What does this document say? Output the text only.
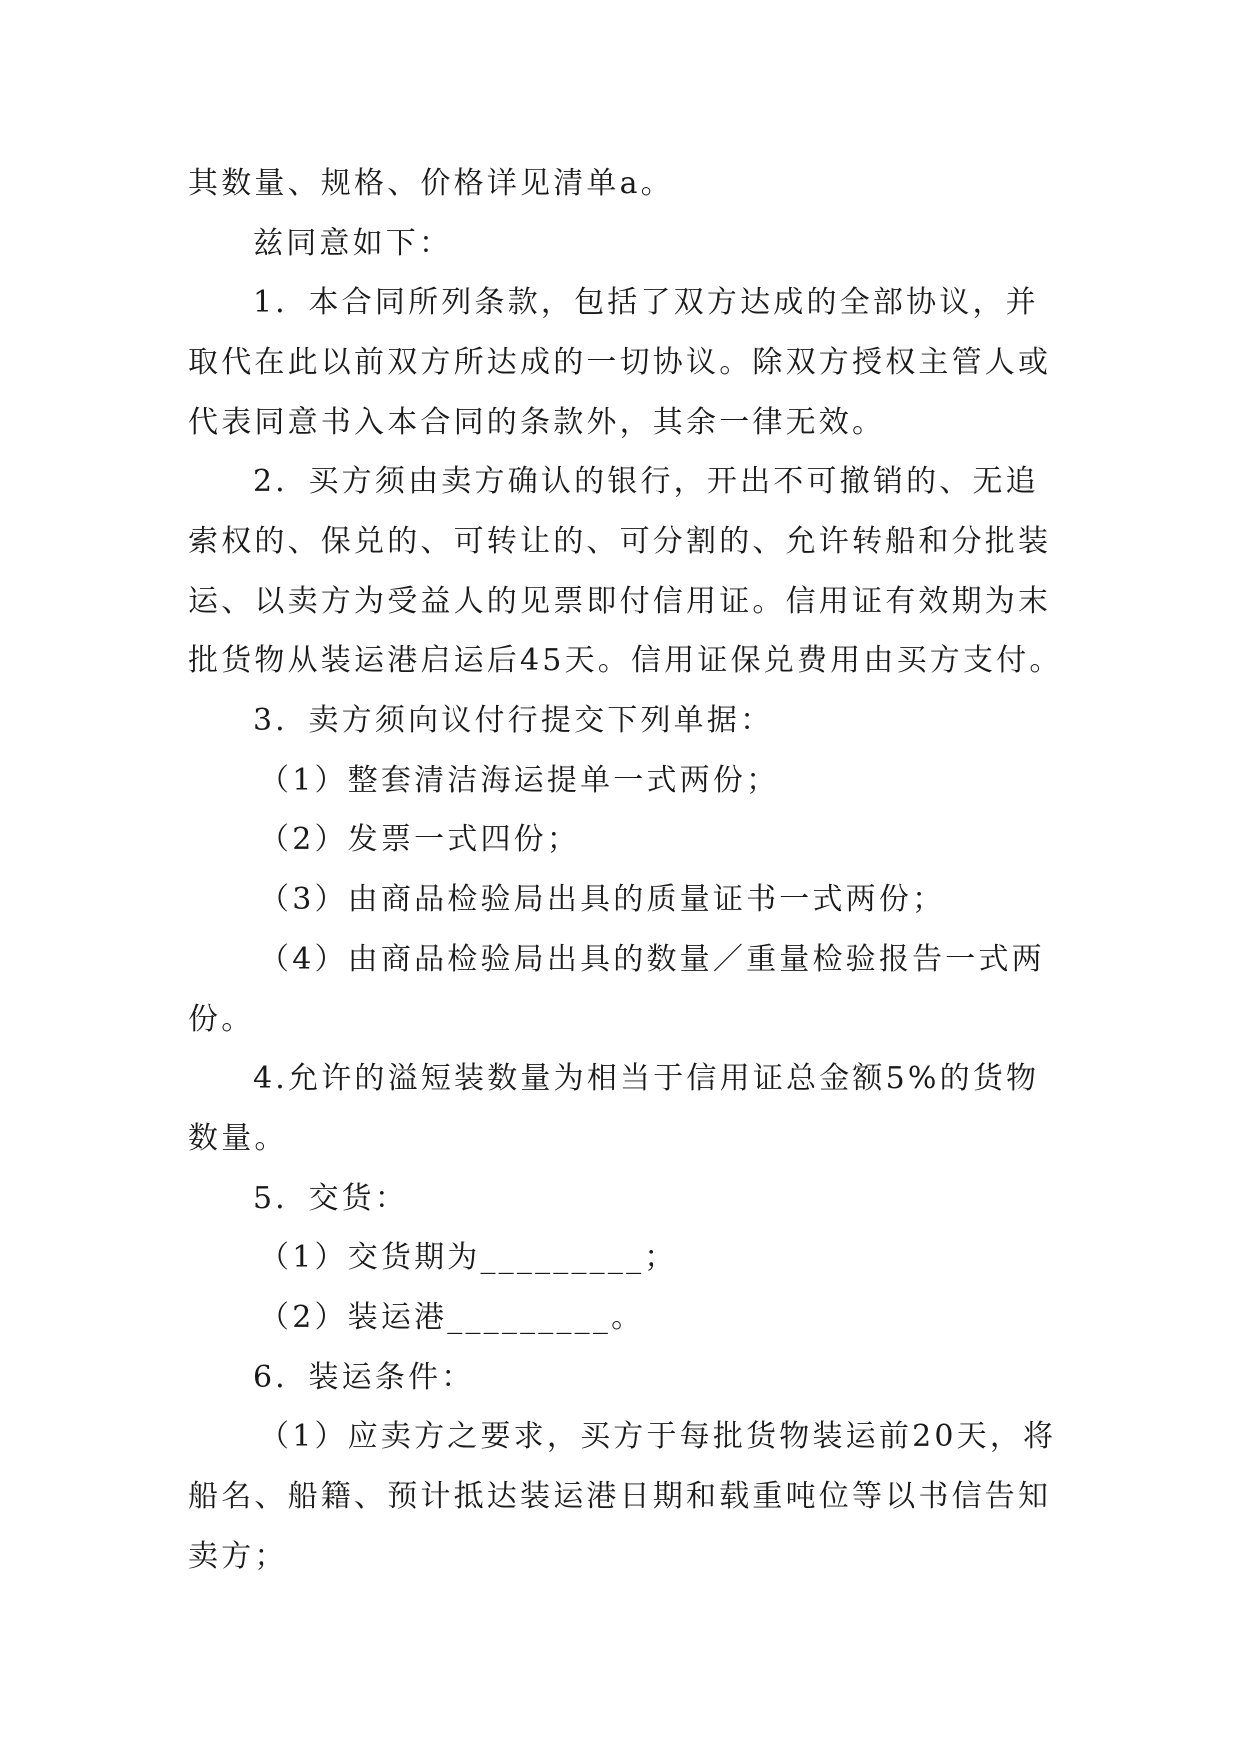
其数量、规格、价格详见清单a。
兹同意如下：
1．本合同所列条款，包括了双方达成的全部协议，并
取代在此以前双方所达成的一切协议。除双方授权主管人或
代表同意书入本合同的条款外，其余一律无效。
2．买方须由卖方确认的银行，开出不可撤销的、无追
索权的、保兑的、可转让的、可分割的、允许转船和分批装
运、以卖方为受益人的见票即付信用证。信用证有效期为末
批货物从装运港启运后45天。信用证保兑费用由买方支付。
3．卖方须向议付行提交下列单据：
（1）整套清洁海运提单一式两份；
（2）发票一式四份；
（3）由商品检验局出具的质量证书一式两份；
（4）由商品检验局出具的数量／重量检验报告一式两
份。
4.允许的溢短装数量为相当于信用证总金额5%的货物
数量。
5．交货：
（1）交货期为_________；
（2）装运港_________。
6．装运条件：
（1）应卖方之要求，买方于每批货物装运前20天，将
船名、船籍、预计抵达装运港日期和载重吨位等以书信告知
卖方；
